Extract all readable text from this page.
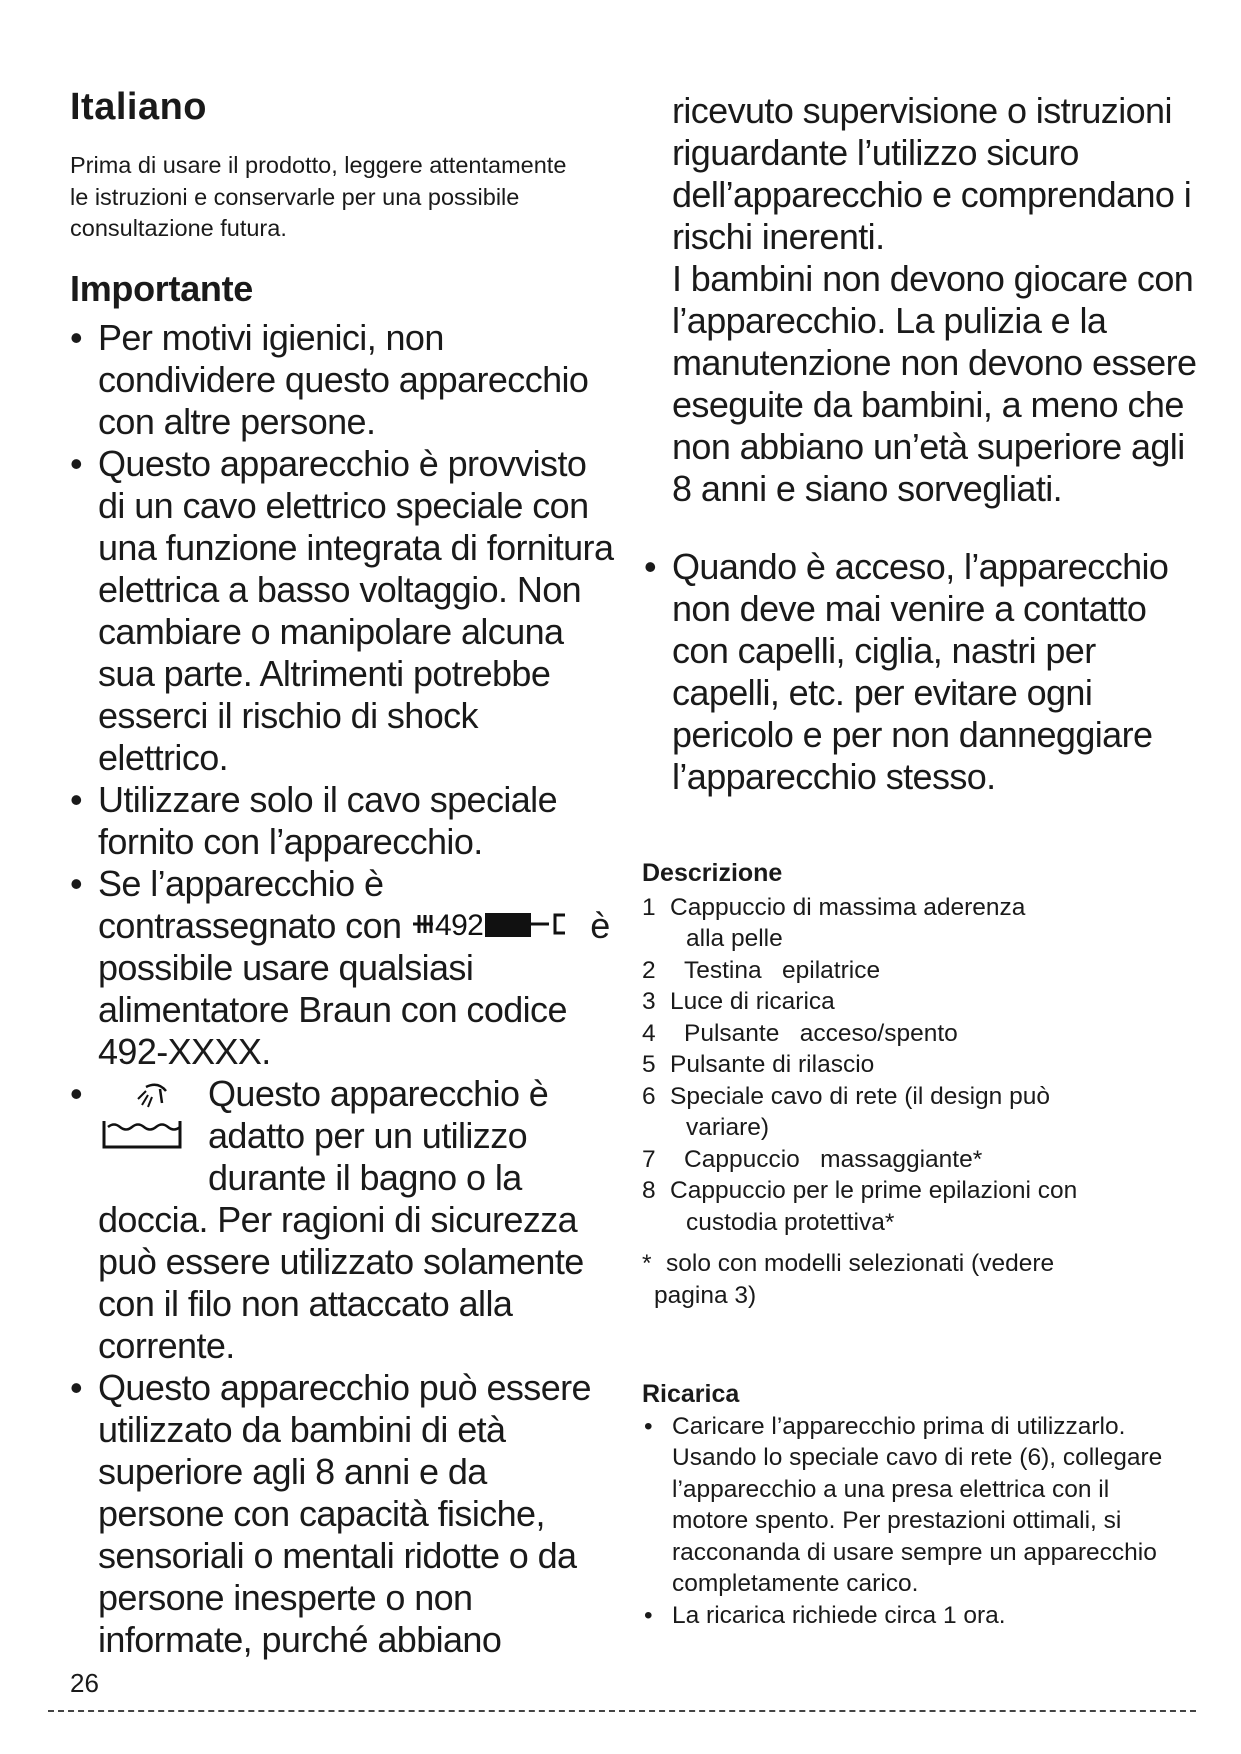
Italiano

Prima di usare il prodotto, leggere attentamente le istruzioni e conservarle per una possibile consultazione futura.

Importante
• Per motivi igienici, non condividere questo apparecchio con altre persone.
• Questo apparecchio è provvisto di un cavo elettrico speciale con una funzione integrata di fornitura elettrica a basso voltaggio. Non cambiare o manipolare alcuna sua parte. Altrimenti potrebbe esserci il rischio di shock elettrico.
• Utilizzare solo il cavo speciale fornito con l’apparecchio.
• Se l’apparecchio è contrassegnato con 492	è possibile usare qualsiasi alimentatore Braun con codice 492-XXXX.
•	Questo apparecchio è adatto per un utilizzo durante il bagno o la
doccia. Per ragioni di sicurezza può essere utilizzato solamente con il filo non attaccato alla corrente.
• Questo apparecchio può essere utilizzato da bambini di età superiore agli 8 anni e da persone con capacità fisiche, sensoriali o mentali ridotte o da persone inesperte o non informate, purché abbiano
ricevuto supervisione o istruzioni riguardante l’utilizzo sicuro dell’apparecchio e comprendano i rischi inerenti.
I bambini non devono giocare con l’apparecchio. La pulizia e la manutenzione non devono essere eseguite da bambini, a meno che non abbiano un’età superiore agli 8 anni e siano sorvegliati.
• Quando è acceso, l’apparecchio non deve mai venire a contatto con capelli, ciglia, nastri per capelli, etc. per evitare ogni pericolo e per non danneggiare l’apparecchio stesso.
Descrizione
1 Cappuccio di massima aderenza
alla pelle
2 Testina   epilatrice
3 Luce di ricarica
4 Pulsante   acceso/spento
5 Pulsante di rilascio
6 Speciale cavo di rete (il design può
variare)
7 Cappuccio   massaggiante*
8 Cappuccio per le prime epilazioni con
custodia protettiva*
* solo con modelli selezionati (vedere
pagina 3)
Ricarica
• Caricare l’apparecchio prima di utilizzarlo. Usando lo speciale cavo di rete (6), collegare l’apparecchio a una presa elettrica con il motore spento. Per prestazioni ottimali, si racconanda di usare sempre un apparecchio completamente carico.
• La ricarica richiede circa 1 ora.
26
